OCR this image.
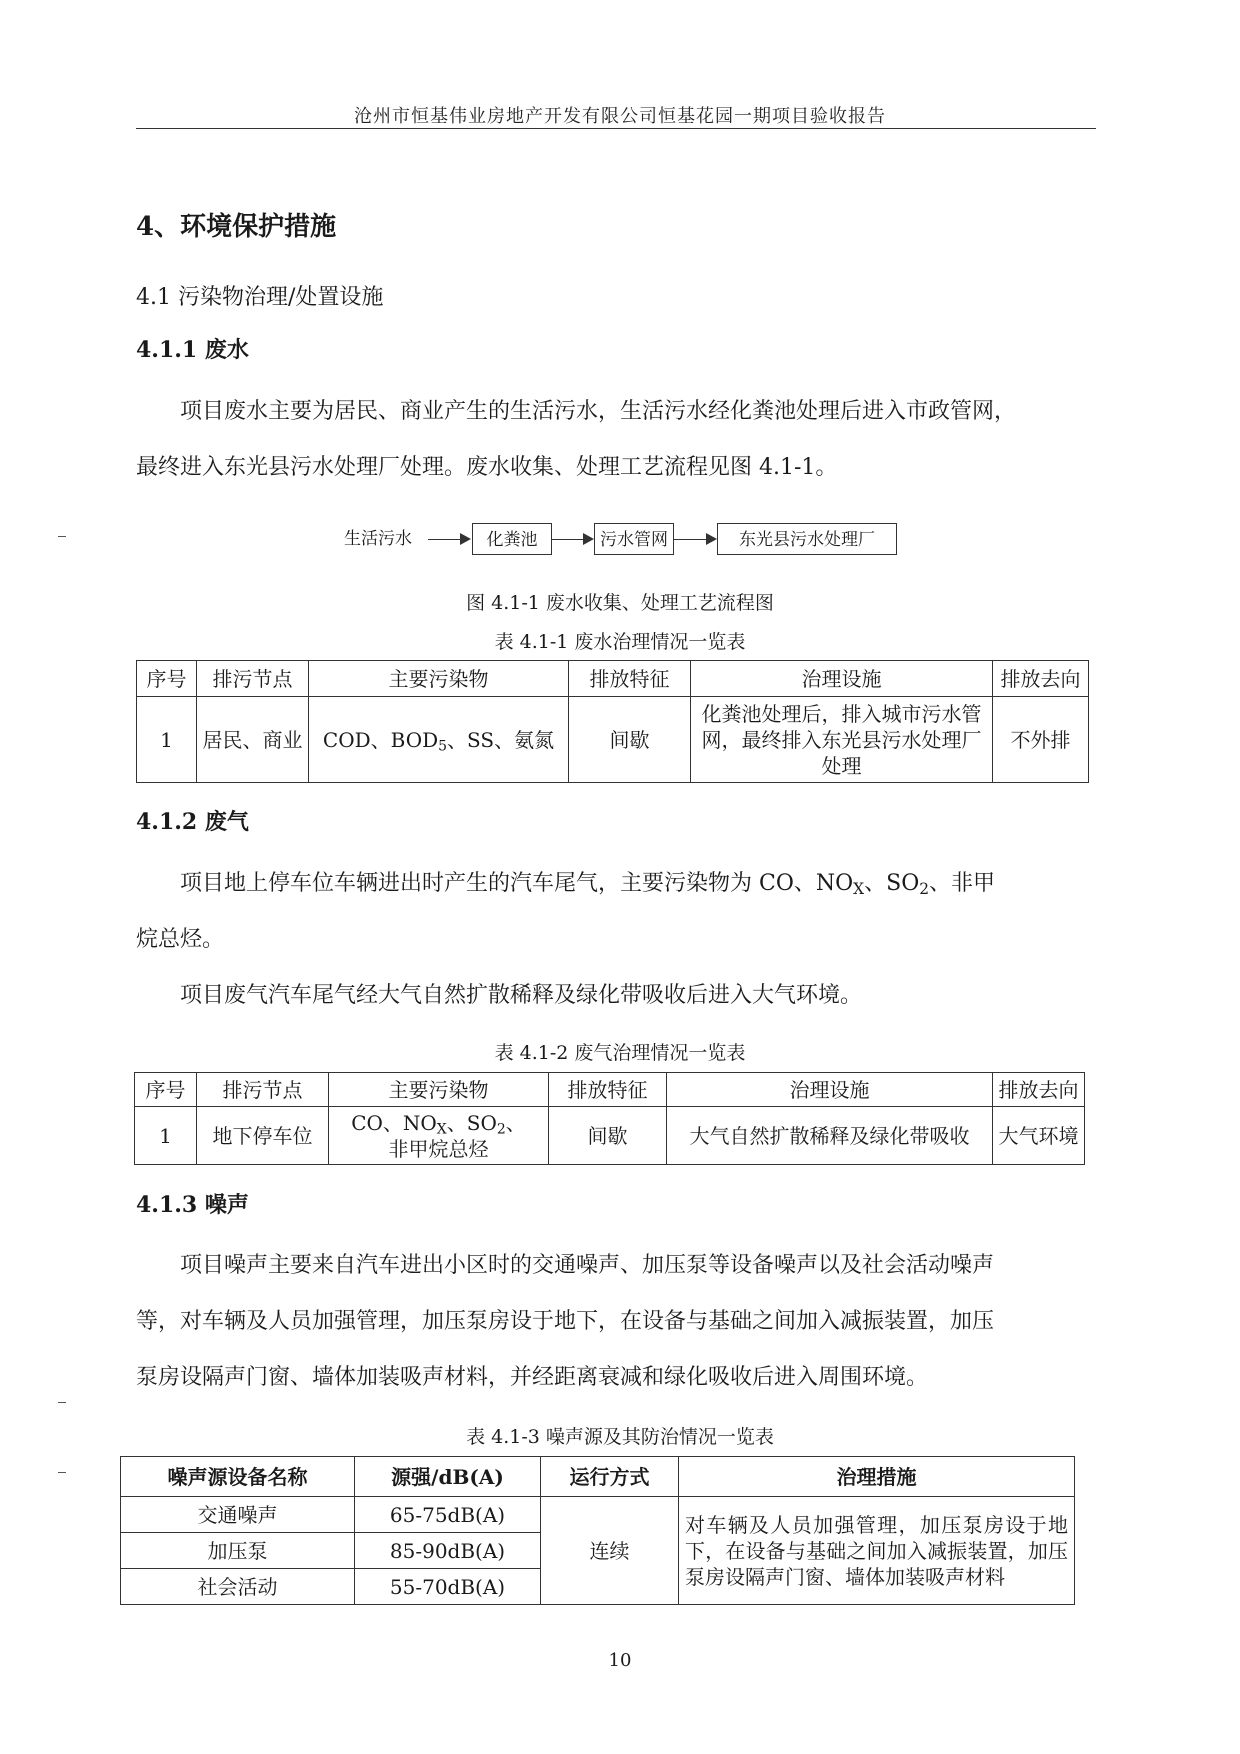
沧州市恒基伟业房地产开发有限公司恒基花园一期项目验收报告
4、环境保护措施
4.1 污染物治理/处置设施
4.1.1 废水
项目废水主要为居民、商业产生的生活污水，生活污水经化粪池处理后进入市政管网，
最终进入东光县污水处理厂处理。废水收集、处理工艺流程见图 4.1-1。
生活污水	化粪池	污水管网	东光县污水处理厂
图 4.1-1 废水收集、处理工艺流程图
表 4.1-1 废水治理情况一览表
序号	排污节点	主要污染物	排放特征	治理设施	排放去向
1	居民、商业	COD、$BOD_5$、SS、氨氮	间歇	化粪池处理后，排入城市污水管网，最终排入东光县污水处理厂处理	不外排
4.1.2 废气
项目地上停车位车辆进出时产生的汽车尾气，主要污染物为 CO、$NO_X$、$SO_2$、非甲
烷总烃。
项目废气汽车尾气经大气自然扩散稀释及绿化带吸收后进入大气环境。
表 4.1-2 废气治理情况一览表
序号	排污节点	主要污染物	排放特征	治理设施	排放去向
1	地下停车位	CO、$NO_X$、$SO_2$、
非甲烷总烃	间歇	大气自然扩散稀释及绿化带吸收	大气环境
4.1.3 噪声
项目噪声主要来自汽车进出小区时的交通噪声、加压泵等设备噪声以及社会活动噪声
等，对车辆及人员加强管理，加压泵房设于地下，在设备与基础之间加入减振装置，加压
泵房设隔声门窗、墙体加装吸声材料，并经距离衰减和绿化吸收后进入周围环境。
表 4.1-3 噪声源及其防治情况一览表
噪声源设备名称	源强/dB(A)	运行方式	治理措施
交通噪声	65-75dB(A)	连续	对车辆及人员加强管理，加压泵房设于地下，在设备与基础之间加入减振装置，加压泵房设隔声门窗、墙体加装吸声材料
加压泵	85-90dB(A)		
社会活动	55-70dB(A)		
10
